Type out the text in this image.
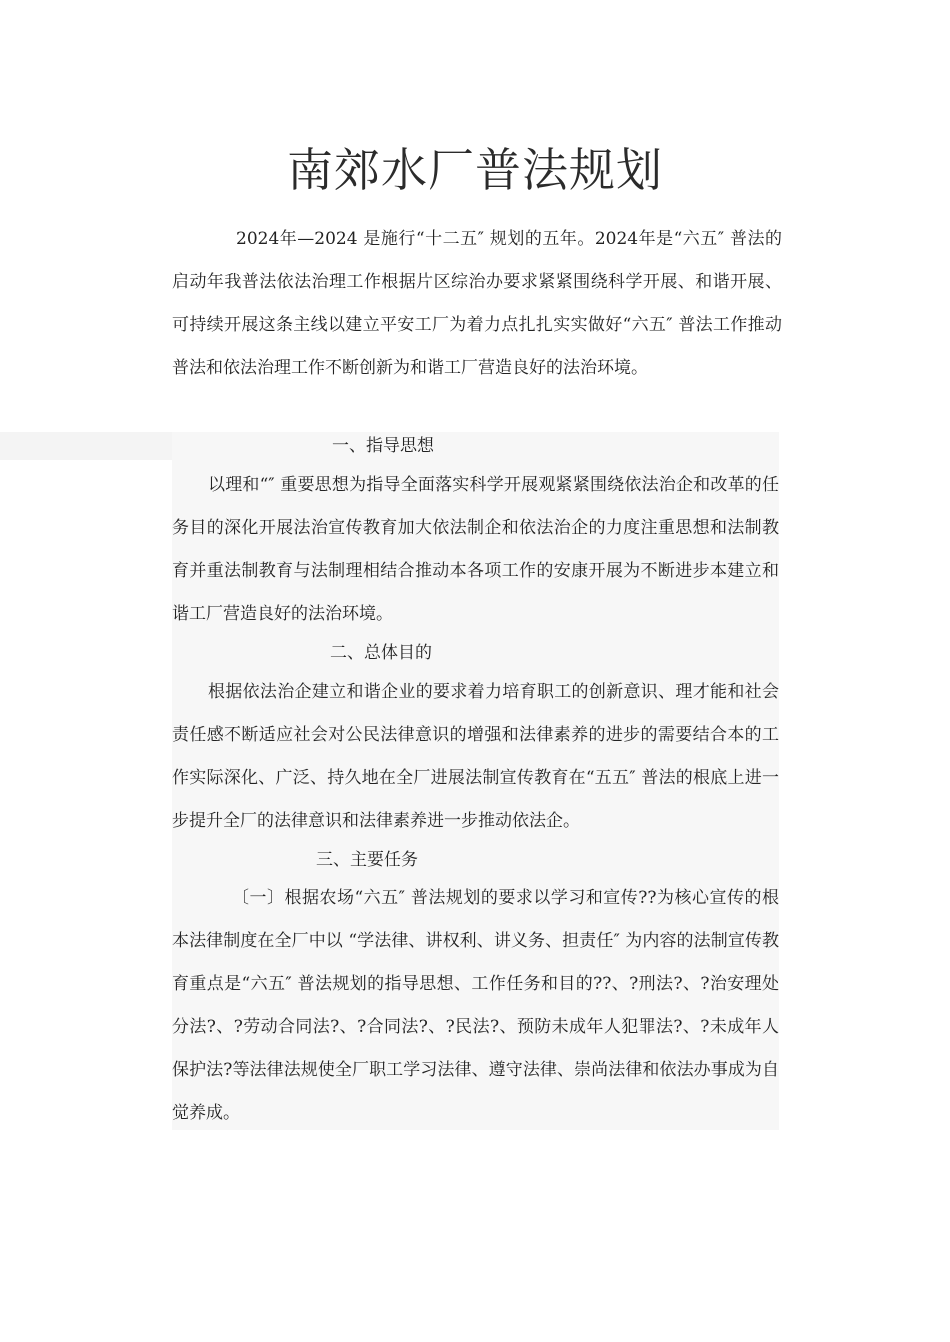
南郊水厂普法规划
2024年—2024 是施行“十二五″ 规划的五年。2024年是“六五″ 普法的启动年我普法依法治理工作根据片区综治办要求紧紧围绕科学开展、和谐开展、可持续开展这条主线以建立平安工厂为着力点扎扎实实做好“六五″ 普法工作推动普法和依法治理工作不断创新为和谐工厂营造良好的法治环境。
一、指导思想
以理和“″ 重要思想为指导全面落实科学开展观紧紧围绕依法治企和改革的任务目的深化开展法治宣传教育加大依法制企和依法治企的力度注重思想和法制教育并重法制教育与法制理相结合推动本各项工作的安康开展为不断进步本建立和谐工厂营造良好的法治环境。
二、总体目的
根据依法治企建立和谐企业的要求着力培育职工的创新意识、理才能和社会责任感不断适应社会对公民法律意识的增强和法律素养的进步的需要结合本的工作实际深化、广泛、持久地在全厂进展法制宣传教育在“五五″ 普法的根底上进一步提升全厂的法律意识和法律素养进一步推动依法企。
三、主要任务
〔一〕根据农场“六五″ 普法规划的要求以学习和宣传??为核心宣传的根本法律制度在全厂中以 “学法律、讲权利、讲义务、担责任″ 为内容的法制宣传教育重点是“六五″ 普法规划的指导思想、工作任务和目的??、?刑法?、?治安理处分法?、?劳动合同法?、?合同法?、?民法?、预防未成年人犯罪法?、?未成年人保护法?等法律法规使全厂职工学习法律、遵守法律、崇尚法律和依法办事成为自觉养成。
